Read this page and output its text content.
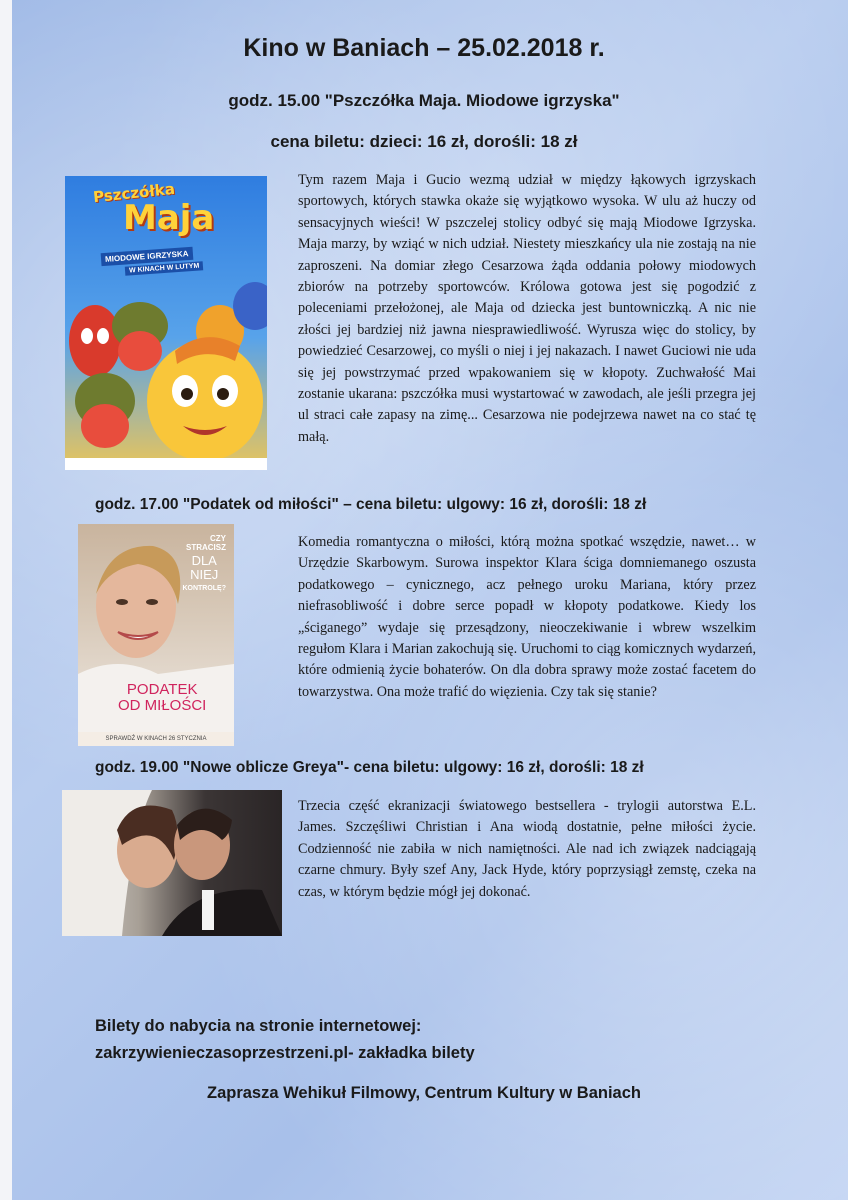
Kino w Baniach – 25.02.2018 r.
godz. 15.00 "Pszczółka Maja. Miodowe igrzyska"
cena biletu: dzieci: 16 zł, dorośli: 18 zł
Pszczółka
Maja
MIODOWE IGRZYSKA
W KINACH W LUTYM

Tym razem Maja i Gucio wezmą udział w między łąkowych igrzyskach sportowych, których stawka okaże się wyjątkowo wysoka. W ulu aż huczy od sensacyjnych wieści! W pszczelej stolicy odbyć się mają Miodowe Igrzyska. Maja marzy, by wziąć w nich udział. Niestety mieszkańcy ula nie zostają na nie zaproszeni. Na domiar złego Cesarzowa żąda oddania połowy miodowych zbiorów na potrzeby sportowców. Królowa gotowa jest się pogodzić z poleceniami przełożonej, ale Maja od dziecka jest buntowniczką. A nic nie złości jej bardziej niż jawna niesprawiedliwość. Wyrusza więc do stolicy, by powiedzieć Cesarzowej, co myśli o niej i jej nakazach. I nawet Guciowi nie uda się jej powstrzymać przed wpakowaniem się w kłopoty. Zuchwałość Mai zostanie ukarana: pszczółka musi wystartować w zawodach, ale jeśli przegra jej ul straci całe zapasy na zimę... Cesarzowa nie podejrzewa nawet na co stać tę małą.

godz. 17.00 "Podatek od miłości" – cena biletu: ulgowy: 16 zł, dorośli: 18 zł
CZY
STRACISZ
DLA
NIEJ
KONTROLĘ?
PODATEK
OD MIŁOŚCI
SPRAWDŹ W KINACH 26 STYCZNIA

Komedia romantyczna o miłości, którą można spotkać wszędzie, nawet… w Urzędzie Skarbowym. Surowa inspektor Klara ściga domniemanego oszusta podatkowego – cynicznego, acz pełnego uroku Mariana, który przez niefrasobliwość i dobre serce popadł w kłopoty podatkowe. Kiedy los „ściganego” wydaje się przesądzony, nieoczekiwanie i wbrew wszelkim regułom Klara i Marian zakochują się. Uruchomi to ciąg komicznych wydarzeń, które odmienią życie bohaterów. On dla dobra sprawy może zostać facetem do towarzystwa. Ona może trafić do więzienia. Czy tak się stanie?

godz. 19.00 "Nowe oblicze Greya"- cena biletu: ulgowy: 16 zł, dorośli: 18 zł

Trzecia część ekranizacji światowego bestsellera - trylogii autorstwa E.L. James. Szczęśliwi Christian i Ana wiodą dostatnie, pełne miłości życie. Codzienność nie zabiła w nich namiętności. Ale nad ich związek nadciągają czarne chmury. Były szef Any, Jack Hyde, który poprzysiągł zemstę, czeka na czas, w którym będzie mógł jej dokonać.

Bilety do nabycia na stronie internetowej:
zakrzywienieczasoprzestrzeni.pl- zakładka bilety
Zaprasza Wehikuł Filmowy, Centrum Kultury w Baniach
